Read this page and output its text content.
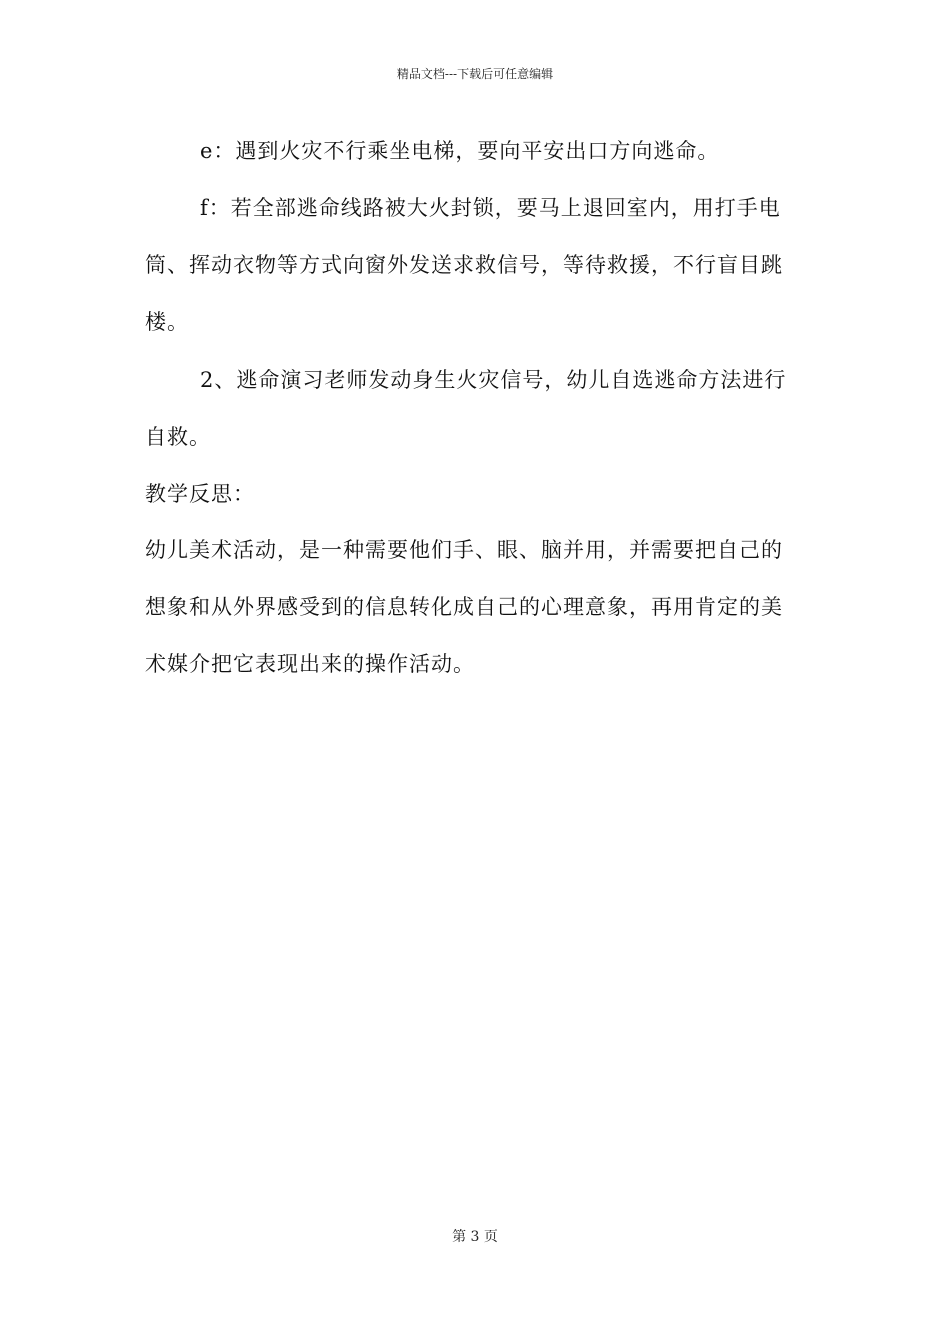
精品文档---下载后可任意编辑

e：遇到火灾不行乘坐电梯，要向平安出口方向逃命。

f：若全部逃命线路被大火封锁，要马上退回室内，用打手电
筒、挥动衣物等方式向窗外发送求救信号，等待救援，不行盲目跳
楼。

2、逃命演习老师发动身生火灾信号，幼儿自选逃命方法进行
自救。

教学反思：

幼儿美术活动，是一种需要他们手、眼、脑并用，并需要把自己的
想象和从外界感受到的信息转化成自己的心理意象，再用肯定的美
术媒介把它表现出来的操作活动。

第 3 页
